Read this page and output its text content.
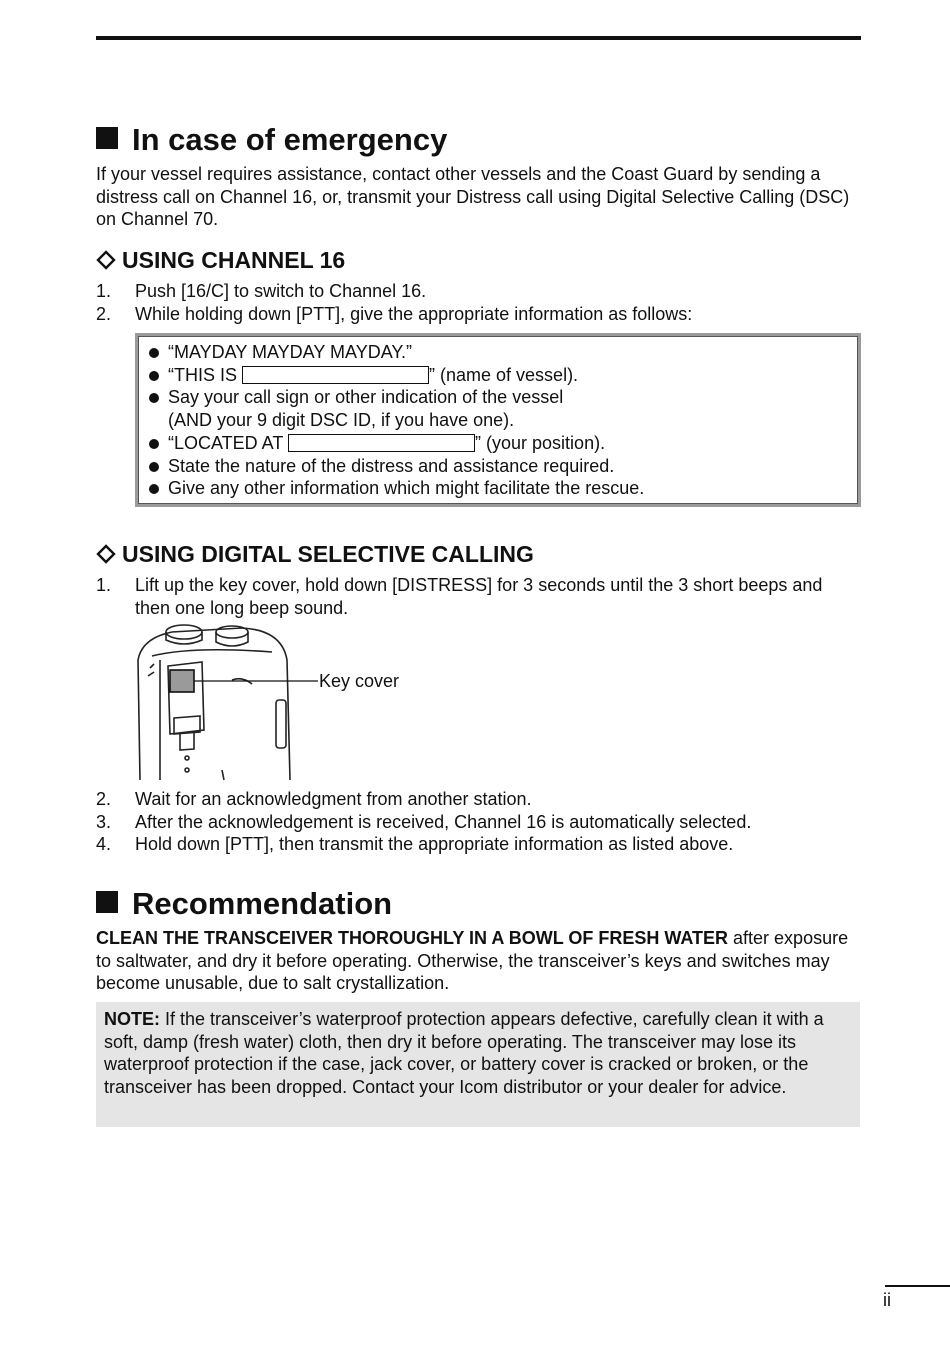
In case of emergency
If your vessel requires assistance, contact other vessels and the Coast Guard by sending a distress call on Channel 16, or, transmit your Distress call using Digital Selective Calling (DSC) on Channel 70.
USING CHANNEL 16
1. Push [16/C] to switch to Channel 16.
2. While holding down [PTT], give the appropriate information as follows:
“MAYDAY MAYDAY MAYDAY.”
“THIS IS	” (name of vessel).
Say your call sign or other indication of the vessel
(AND your 9 digit DSC ID, if you have one).
“LOCATED AT	” (your position).
State the nature of the distress and assistance required.
Give any other information which might facilitate the rescue.
USING DIGITAL SELECTIVE CALLING
1. Lift up the key cover, hold down [DISTRESS] for 3 seconds until the 3 short beeps and then one long beep sound.
Key cover
2. Wait for an acknowledgment from another station.
3. After the acknowledgement is received, Channel 16 is automatically selected.
4. Hold down [PTT], then transmit the appropriate information as listed above.
Recommendation
CLEAN THE TRANSCEIVER THOROUGHLY IN A BOWL OF FRESH WATER after exposure to saltwater, and dry it before operating. Otherwise, the transceiver’s keys and switches may become unusable, due to salt crystallization.
NOTE: If the transceiver’s waterproof protection appears defective, carefully clean it with a soft, damp (fresh water) cloth, then dry it before operating. The transceiver may lose its waterproof protection if the case, jack cover, or battery cover is cracked or broken, or the transceiver has been dropped. Contact your Icom distributor or your dealer for advice.
ii
